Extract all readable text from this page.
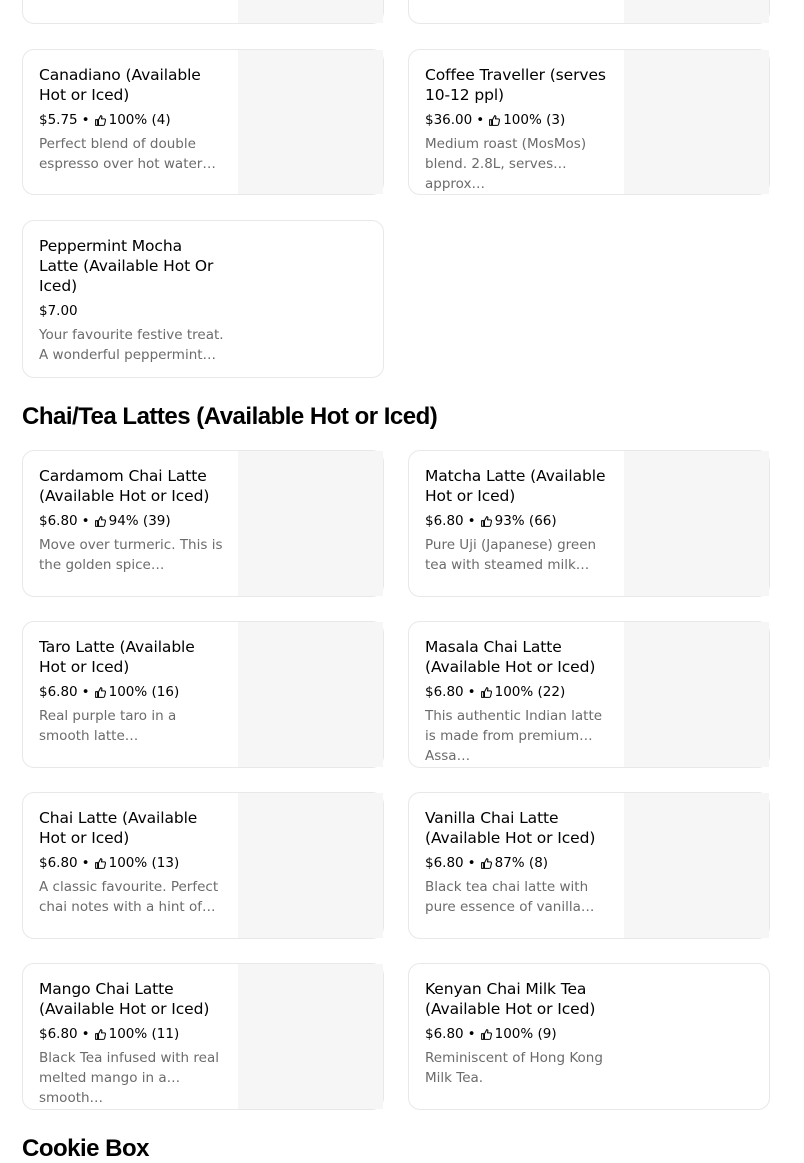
Canadiano (Available Hot or Iced)
$5.75 • 100% (4)
Perfect blend of double espresso over hot water…
Coffee Traveller (serves 10-12 ppl)
$36.00 • 100% (3)
Medium roast (MosMos) blend. 2.8L, serves approx…
Peppermint Mocha Latte (Available Hot Or Iced)
$7.00
Your favourite festive treat. A wonderful peppermint…
Chai/Tea Lattes (Available Hot or Iced)
Cardamom Chai Latte (Available Hot or Iced)
$6.80 • 94% (39)
Move over turmeric. This is the golden spice…
Matcha Latte (Available Hot or Iced)
$6.80 • 93% (66)
Pure Uji (Japanese) green tea with steamed milk…
Taro Latte (Available Hot or Iced)
$6.80 • 100% (16)
Real purple taro in a smooth latte…
Masala Chai Latte (Available Hot or Iced)
$6.80 • 100% (22)
This authentic Indian latte is made from premium Assa…
Chai Latte (Available Hot or Iced)
$6.80 • 100% (13)
A classic favourite. Perfect chai notes with a hint of…
Vanilla Chai Latte (Available Hot or Iced)
$6.80 • 87% (8)
Black tea chai latte with pure essence of vanilla…
Mango Chai Latte (Available Hot or Iced)
$6.80 • 100% (11)
Black Tea infused with real melted mango in a smooth…
Kenyan Chai Milk Tea (Available Hot or Iced)
$6.80 • 100% (9)
Reminiscent of Hong Kong Milk Tea.
Cookie Box
